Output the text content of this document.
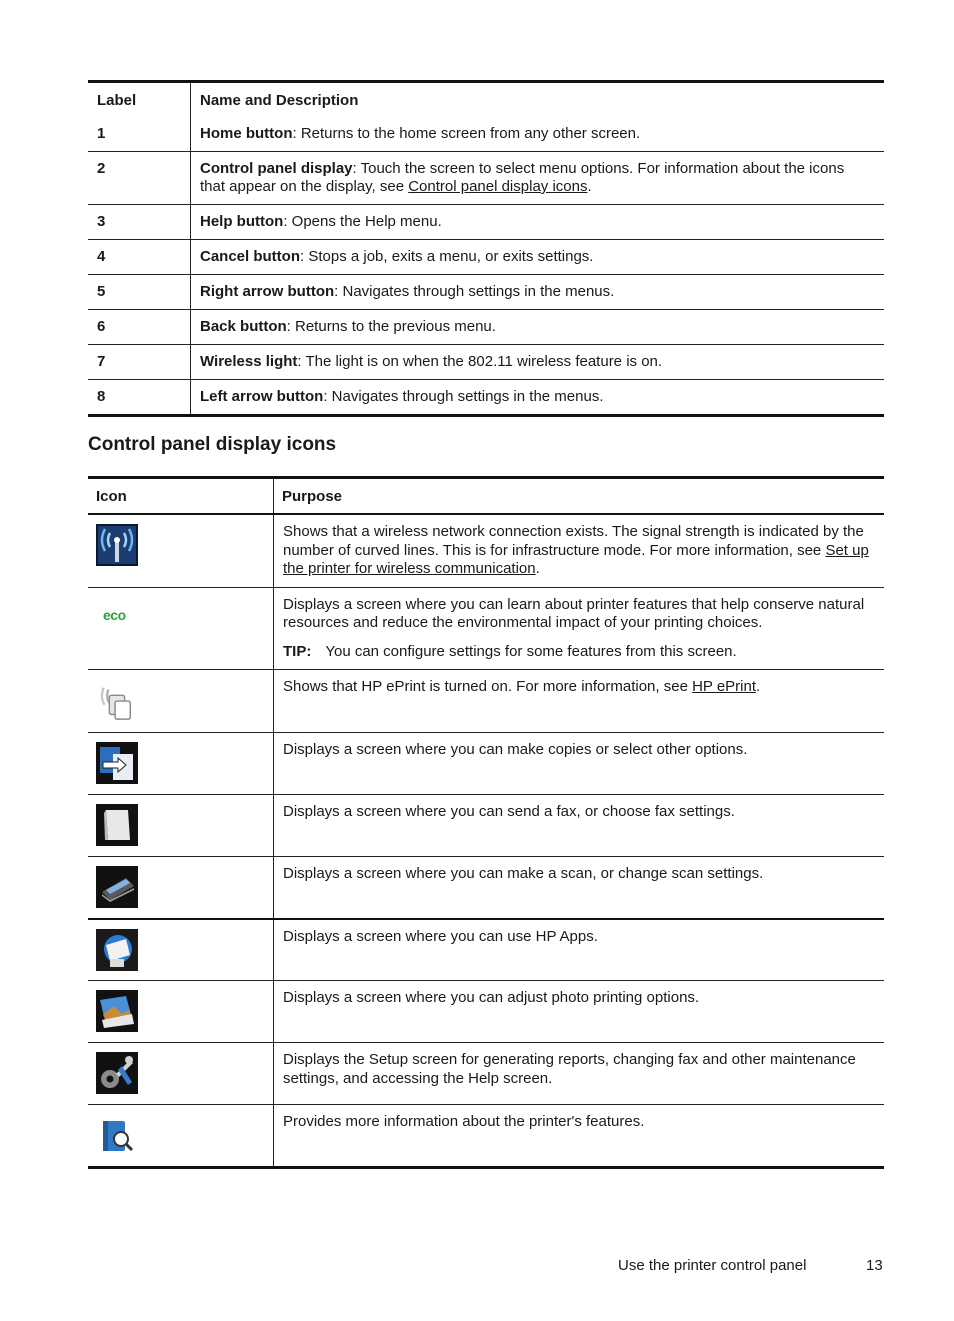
Label	Name and Description
1	Home button: Returns to the home screen from any other screen.
2	Control panel display: Touch the screen to select menu options. For information about the icons that appear on the display, see Control panel display icons.
3	Help button: Opens the Help menu.
4	Cancel button: Stops a job, exits a menu, or exits settings.
5	Right arrow button: Navigates through settings in the menus.
6	Back button: Returns to the previous menu.
7	Wireless light: The light is on when the 802.11 wireless feature is on.
8	Left arrow button: Navigates through settings in the menus.
Control panel display icons
Icon	Purpose

	Shows that a wireless network connection exists. The signal strength is indicated by the number of curved lines. This is for infrastructure mode. For more information, see Set up the printer for wireless communication.
eco	Displays a screen where you can learn about printer features that help conserve natural resources and reduce the environmental impact of your printing choices.
TIP: You can configure settings for some features from this screen.

	Shows that HP ePrint is turned on. For more information, see HP ePrint.

	Displays a screen where you can make copies or select other options.

	Displays a screen where you can send a fax, or choose fax settings.

	Displays a screen where you can make a scan, or change scan settings.

	Displays a screen where you can use HP Apps.

	Displays a screen where you can adjust photo printing options.

	Displays the Setup screen for generating reports, changing fax and other maintenance settings, and accessing the Help screen.

	Provides more information about the printer's features.
Use the printer control panel	13
